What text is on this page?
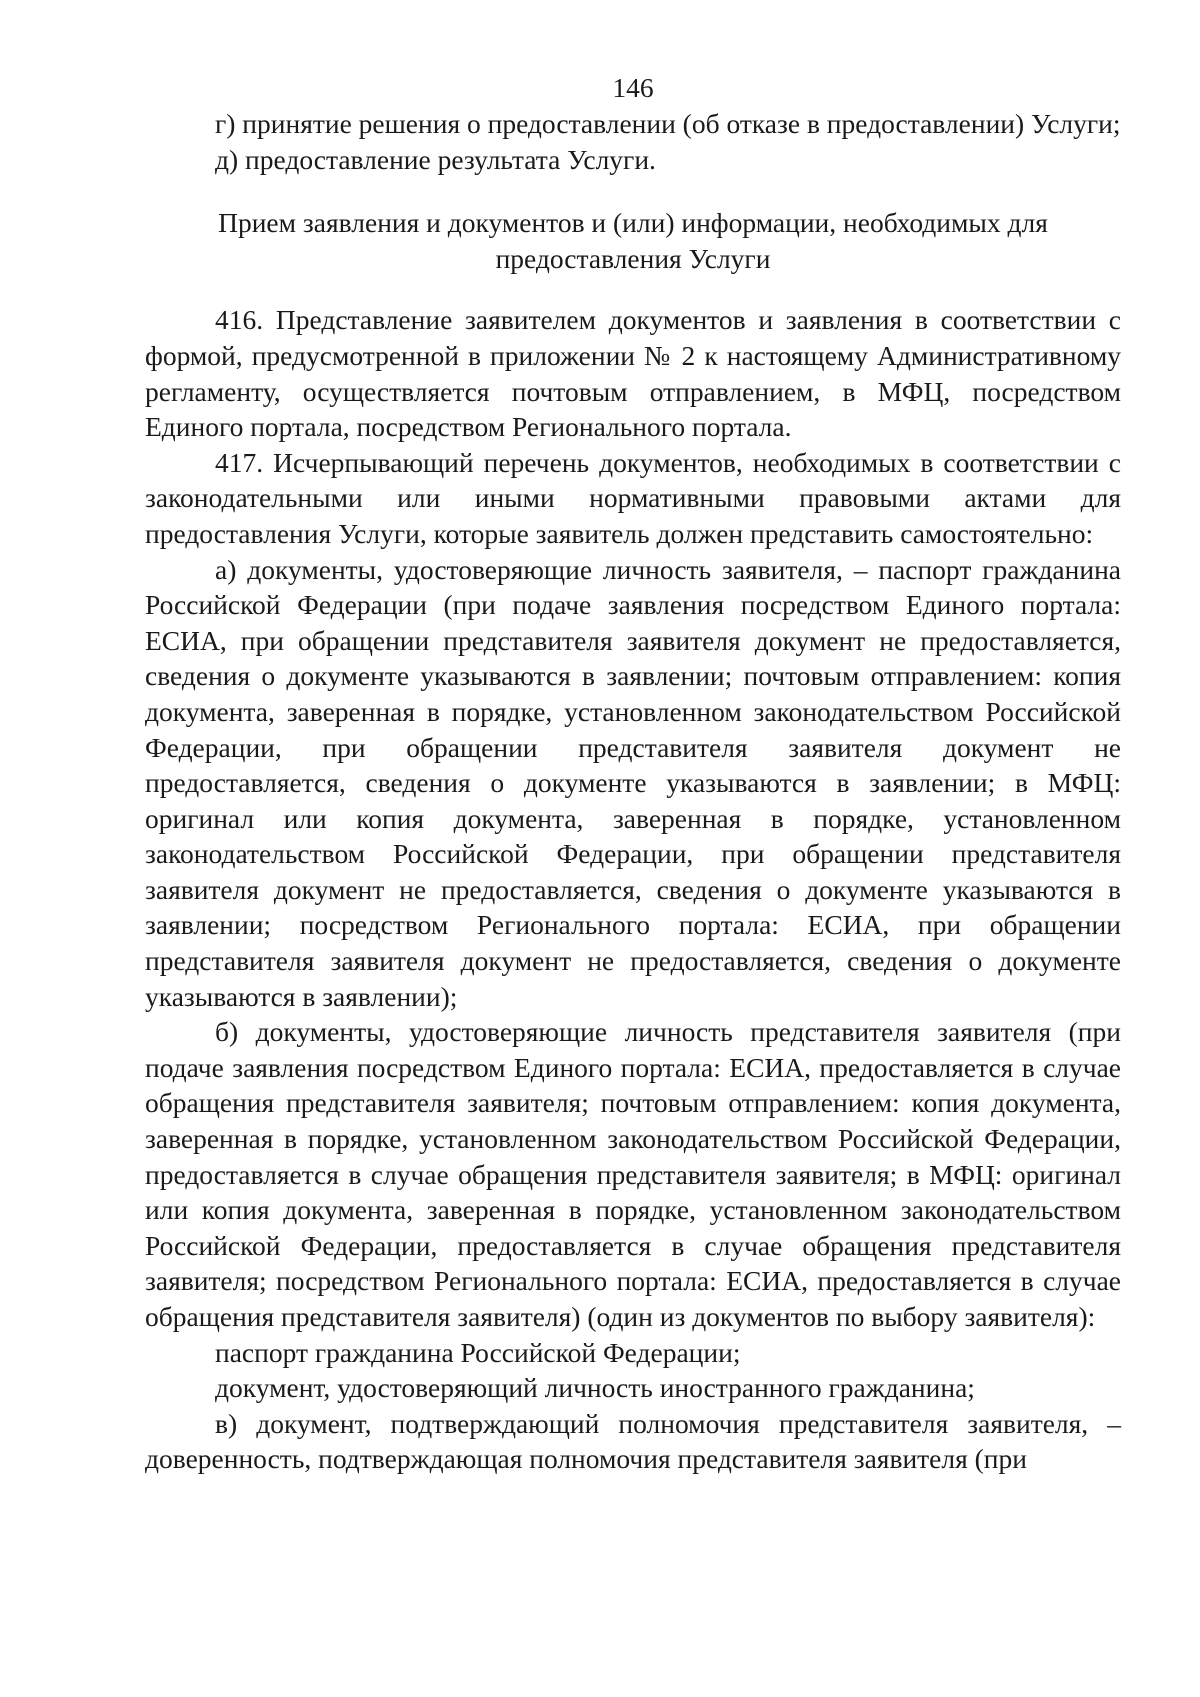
146

г) принятие решения о предоставлении (об отказе в предоставлении) Услуги;

д) предоставление результата Услуги.

Прием заявления и документов и (или) информации, необходимых для

предоставления Услуги

416. Представление заявителем документов и заявления в соответствии с формой, предусмотренной в приложении № 2 к настоящему Административному регламенту, осуществляется почтовым отправлением, в МФЦ, посредством Единого портала, посредством Регионального портала.

417. Исчерпывающий перечень документов, необходимых в соответствии с законодательными или иными нормативными правовыми актами для предоставления Услуги, которые заявитель должен представить самостоятельно:

а) документы, удостоверяющие личность заявителя, – паспорт гражданина Российской Федерации (при подаче заявления посредством Единого портала: ЕСИА, при обращении представителя заявителя документ не предоставляется, сведения о документе указываются в заявлении; почтовым отправлением: копия документа, заверенная в порядке, установленном законодательством Российской Федерации, при обращении представителя заявителя документ не предоставляется, сведения о документе указываются в заявлении; в МФЦ: оригинал или копия документа, заверенная в порядке, установленном законодательством Российской Федерации, при обращении представителя заявителя документ не предоставляется, сведения о документе указываются в заявлении; посредством Регионального портала: ЕСИА, при обращении представителя заявителя документ не предоставляется, сведения о документе указываются в заявлении);

б) документы, удостоверяющие личность представителя заявителя (при подаче заявления посредством Единого портала: ЕСИА, предоставляется в случае обращения представителя заявителя; почтовым отправлением: копия документа, заверенная в порядке, установленном законодательством Российской Федерации, предоставляется в случае обращения представителя заявителя; в МФЦ: оригинал или копия документа, заверенная в порядке, установленном законодательством Российской Федерации, предоставляется в случае обращения представителя заявителя; посредством Регионального портала: ЕСИА, предоставляется в случае обращения представителя заявителя) (один из документов по выбору заявителя):

паспорт гражданина Российской Федерации;

документ, удостоверяющий личность иностранного гражданина;

в) документ, подтверждающий полномочия представителя заявителя, – доверенность, подтверждающая полномочия представителя заявителя (при
